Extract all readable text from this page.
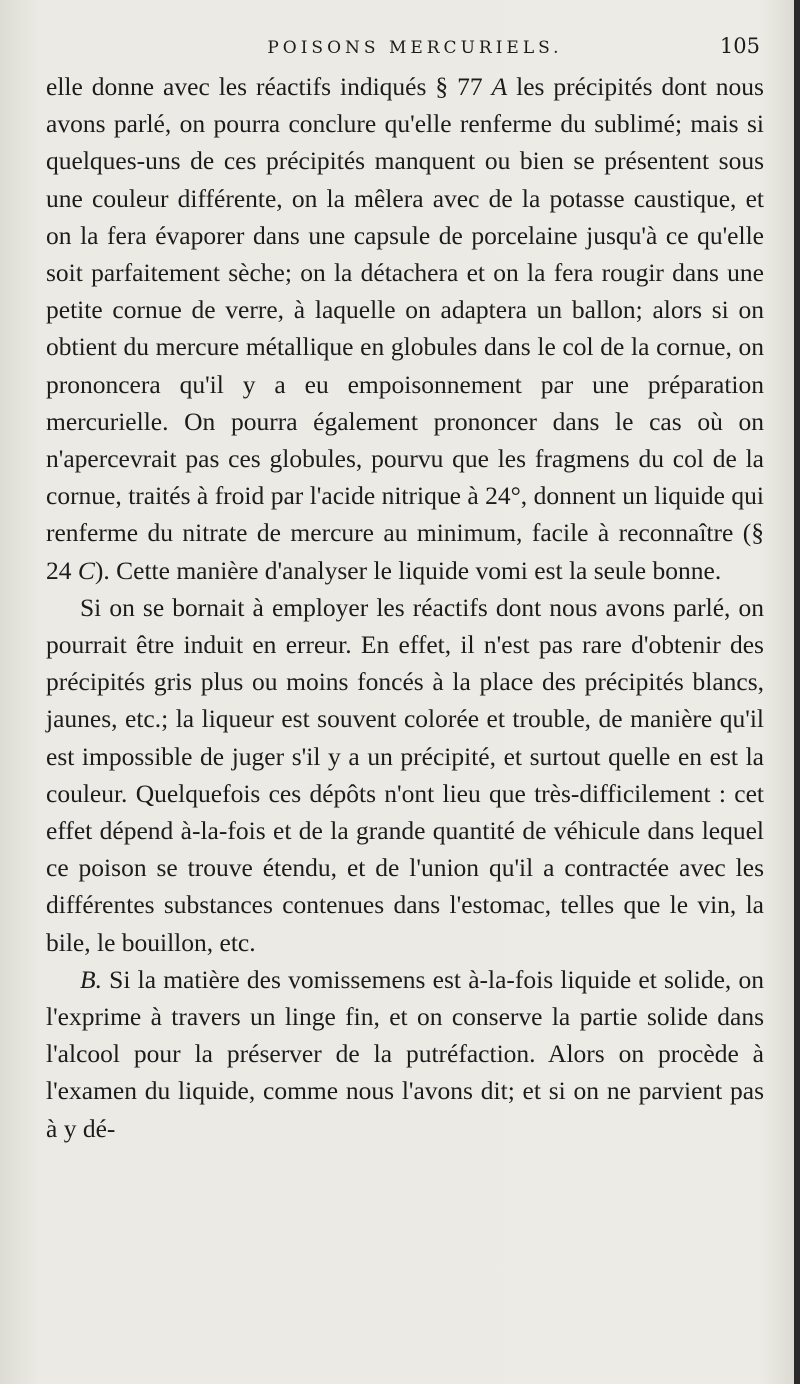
POISONS MERCURIELS.	105

elle donne avec les réactifs indiqués § 77 A les précipités dont nous avons parlé, on pourra conclure qu'elle renferme du sublimé; mais si quelques-uns de ces précipités manquent ou bien se présentent sous une couleur différente, on la mêlera avec de la potasse caustique, et on la fera évaporer dans une capsule de porcelaine jusqu'à ce qu'elle soit parfaitement sèche; on la détachera et on la fera rougir dans une petite cornue de verre, à laquelle on adaptera un ballon; alors si on obtient du mercure métallique en globules dans le col de la cornue, on prononcera qu'il y a eu empoisonnement par une préparation mercurielle. On pourra également prononcer dans le cas où on n'apercevrait pas ces globules, pourvu que les fragmens du col de la cornue, traités à froid par l'acide nitrique à 24°, donnent un liquide qui renferme du nitrate de mercure au minimum, facile à reconnaître (§ 24 C). Cette manière d'analyser le liquide vomi est la seule bonne.

Si on se bornait à employer les réactifs dont nous avons parlé, on pourrait être induit en erreur. En effet, il n'est pas rare d'obtenir des précipités gris plus ou moins foncés à la place des précipités blancs, jaunes, etc.; la liqueur est souvent colorée et trouble, de manière qu'il est impossible de juger s'il y a un précipité, et surtout quelle en est la couleur. Quelquefois ces dépôts n'ont lieu que très-difficilement : cet effet dépend à-la-fois et de la grande quantité de véhicule dans lequel ce poison se trouve étendu, et de l'union qu'il a contractée avec les différentes substances contenues dans l'estomac, telles que le vin, la bile, le bouillon, etc.

B. Si la matière des vomissemens est à-la-fois liquide et solide, on l'exprime à travers un linge fin, et on conserve la partie solide dans l'alcool pour la préserver de la putréfaction. Alors on procède à l'examen du liquide, comme nous l'avons dit; et si on ne parvient pas à y dé-
